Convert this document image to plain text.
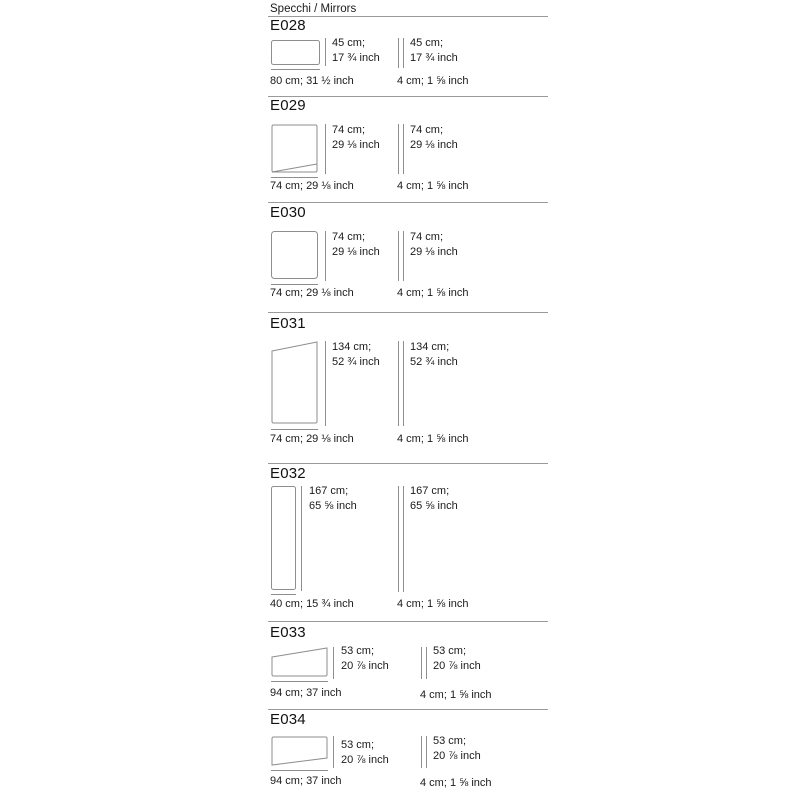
Specchi / Mirrors
E028
45 cm;
17 ¾ inch
45 cm;
17 ¾ inch
80 cm; 31 ½ inch	4 cm; 1 ⅝ inch
E029
74 cm;
29 ⅛ inch
74 cm;
29 ⅛ inch
74 cm; 29 ⅛ inch	4 cm; 1 ⅝ inch
E030
74 cm;
29 ⅛ inch
74 cm;
29 ⅛ inch
74 cm; 29 ⅛ inch	4 cm; 1 ⅝ inch
E031
134 cm;
52 ¾ inch
134 cm;
52 ¾ inch
74 cm; 29 ⅛ inch	4 cm; 1 ⅝ inch
E032
167 cm;
65 ⅝ inch
167 cm;
65 ⅝ inch
40 cm; 15 ¾ inch	4 cm; 1 ⅝ inch
E033
53 cm;
20 ⅞ inch
53 cm;
20 ⅞ inch
94 cm; 37 inch	4 cm; 1 ⅝ inch
E034
53 cm;
20 ⅞ inch
53 cm;
20 ⅞ inch
94 cm; 37 inch	4 cm; 1 ⅝ inch
